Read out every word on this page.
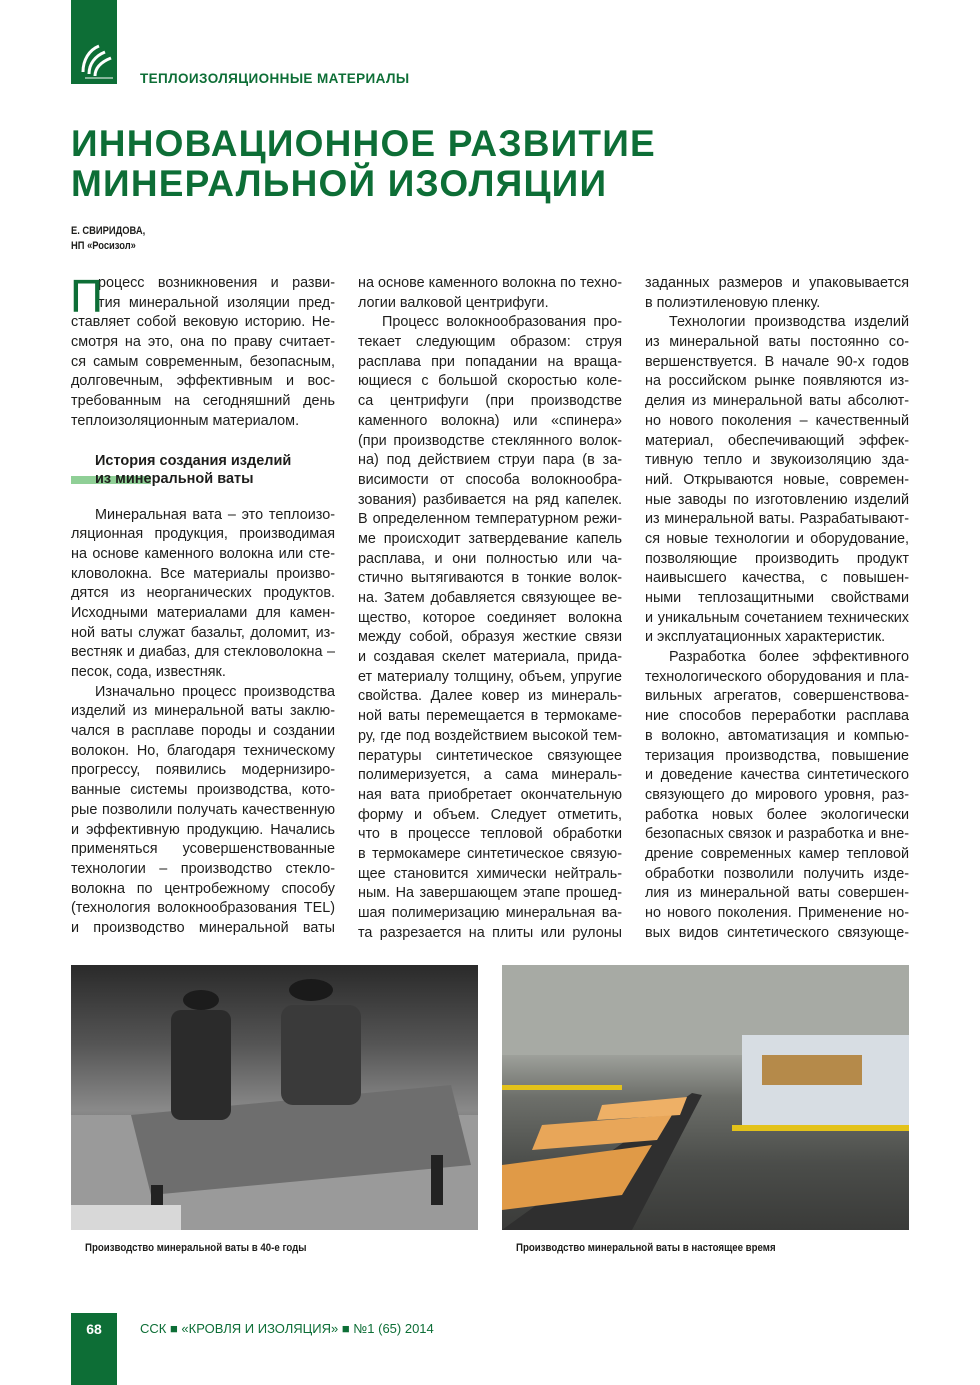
ТЕПЛОИЗОЛЯЦИОННЫЕ МАТЕРИАЛЫ
ИННОВАЦИОННОЕ РАЗВИТИЕ МИНЕРАЛЬНОЙ ИЗОЛЯЦИИ
Е. СВИРИДОВА,
НП «Росизол»
П
роцесс возникновения и разви-
тия минеральной изоляции пред-
ставляет собой вековую историю. Не-
смотря на это, она по праву считает-
ся самым современным, безопасным,
долговечным, эффективным и вос-
требованным на сегодняшний день
теплоизоляционным материалом.
История создания изделий
из минеральной ваты
Минеральная вата – это теплоизо-
ляционная продукция, производимая
на основе каменного волокна или сте-
кловолокна. Все материалы произво-
дятся из неорганических продуктов.
Исходными материалами для камен-
ной ваты служат базальт, доломит, из-
вестняк и диабаз, для стекловолокна –
песок, сода, известняк.
Изначально процесс производства
изделий из минеральной ваты заклю-
чался в расплаве породы и создании
волокон. Но, благодаря техническому
прогрессу, появились модернизиро-
ванные системы производства, кото-
рые позволили получать качественную
и эффективную продукцию. Начались
применяться усовершенствованные
технологии – производство стекло-
волокна по центробежному способу
(технология волокнообразования TEL)
и производство минеральной ваты
на основе каменного волокна по техно-
логии валковой центрифуги.
Процесс волокнообразования про-
текает следующим образом: струя
расплава при попадании на враща-
ющиеся с большой скоростью коле-
са центрифуги (при производстве
каменного волокна) или «спинера»
(при производстве стеклянного волок-
на) под действием струи пара (в за-
висимости от способа волокнообра-
зования) разбивается на ряд капелек.
В определенном температурном режи-
ме происходит затвердевание капель
расплава, и они полностью или ча-
стично вытягиваются в тонкие волок-
на. Затем добавляется связующее ве-
щество, которое соединяет волокна
между собой, образуя жесткие связи
и создавая скелет материала, прида-
ет материалу толщину, объем, упругие
свойства. Далее ковер из минераль-
ной ваты перемещается в термокаме-
ру, где под воздействием высокой тем-
пературы синтетическое связующее
полимеризуется, а сама минераль-
ная вата приобретает окончательную
форму и объем. Следует отметить,
что в процессе тепловой обработки
в термокамере синтетическое связую-
щее становится химически нейтраль-
ным. На завершающем этапе прошед-
шая полимеризацию минеральная ва-
та разрезается на плиты или рулоны
заданных размеров и упаковывается
в полиэтиленовую пленку.
Технологии производства изделий
из минеральной ваты постоянно со-
вершенствуется. В начале 90-х годов
на российском рынке появляются из-
делия из минеральной ваты абсолют-
но нового поколения – качественный
материал, обеспечивающий эффек-
тивную тепло и звукоизоляцию зда-
ний. Открываются новые, современ-
ные заводы по изготовлению изделий
из минеральной ваты. Разрабатывают-
ся новые технологии и оборудование,
позволяющие производить продукт
наивысшего качества, с повышен-
ными теплозащитными свойствами
и уникальным сочетанием технических
и эксплуатационных характеристик.
Разработка более эффективного
технологического оборудования и пла-
вильных агрегатов, совершенствова-
ние способов переработки расплава
в волокно, автоматизация и компью-
теризация производства, повышение
и доведение качества синтетического
связующего до мирового уровня, раз-
работка новых более экологически
безопасных связок и разработка и вне-
дрение современных камер тепловой
обработки позволили получить изде-
лия из минеральной ваты совершен-
но нового поколения. Применение но-
вых видов синтетического связующе-
Производство минеральной ваты в 40-е годы	Производство минеральной ваты в настоящее время
68	ССК ■ «КРОВЛЯ И ИЗОЛЯЦИЯ» ■ №1 (65) 2014
